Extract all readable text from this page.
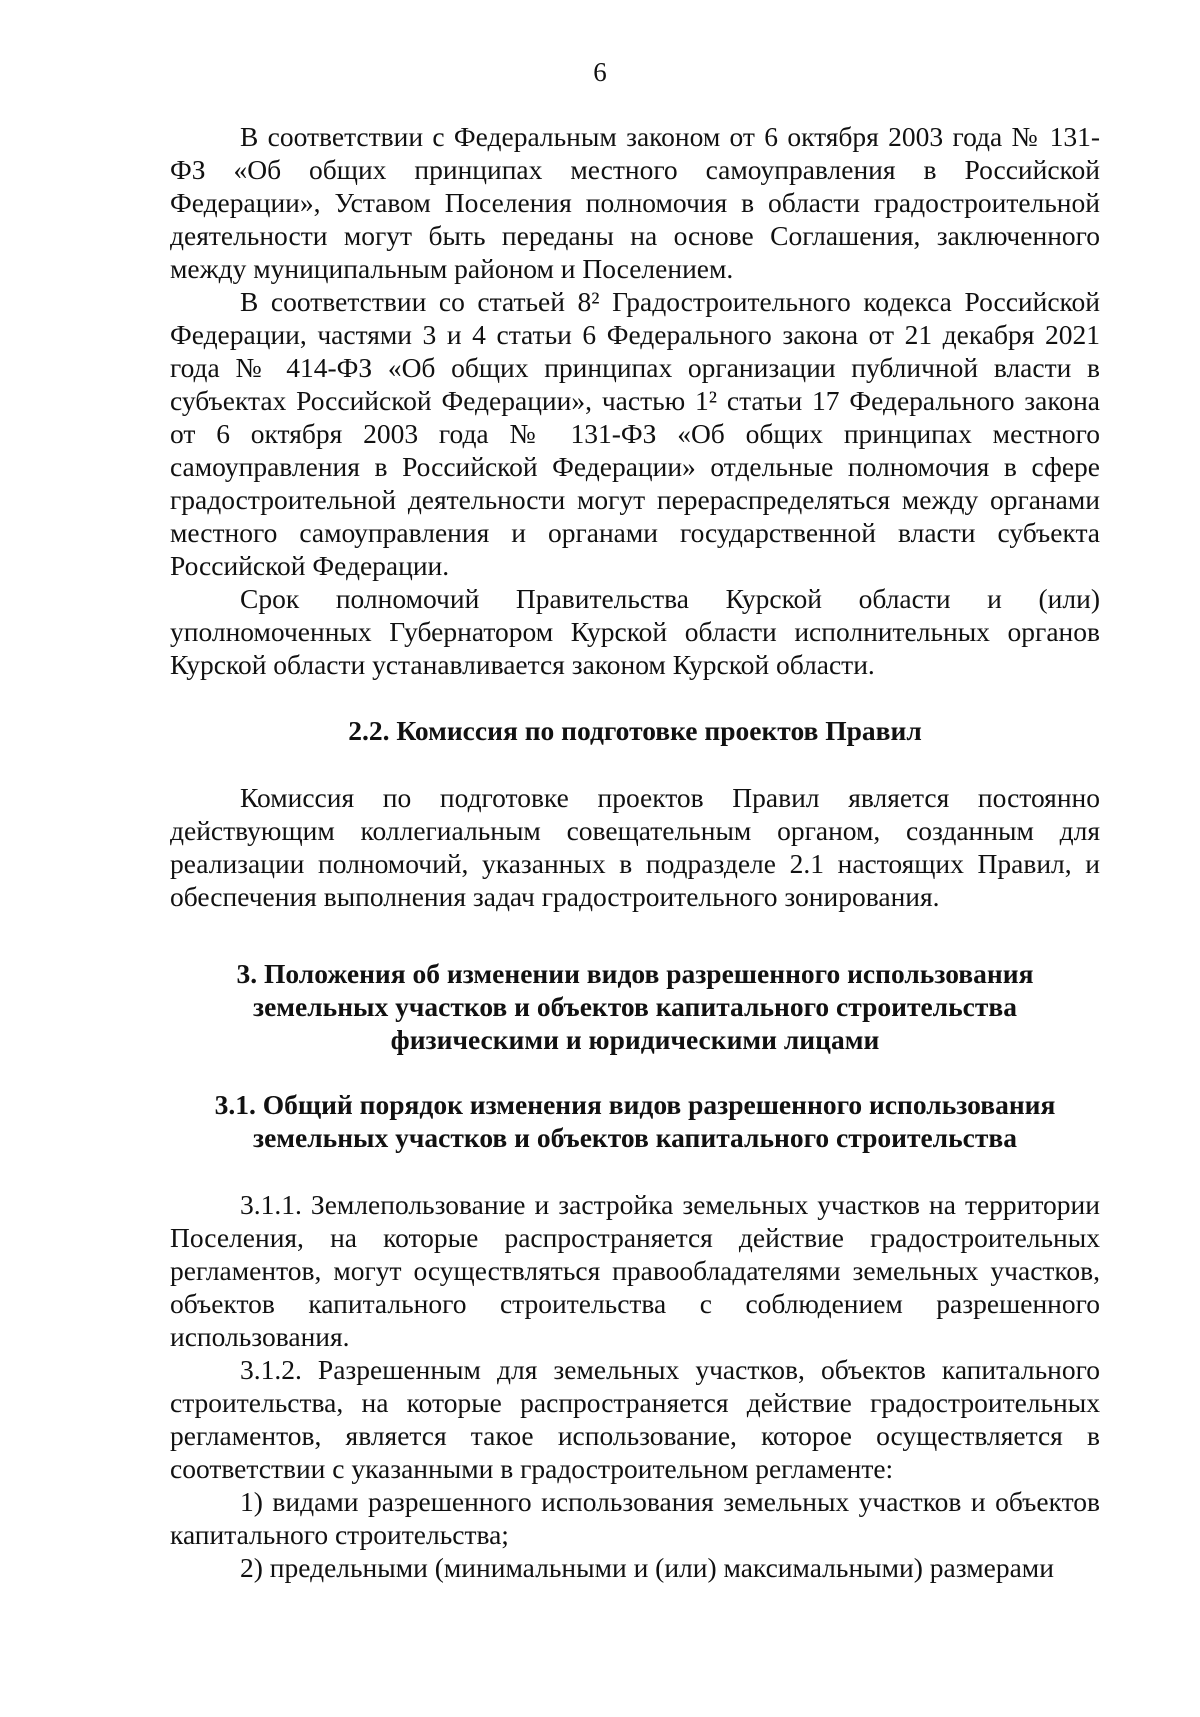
6

В соответствии с Федеральным законом от 6 октября 2003 года № 131-ФЗ «Об общих принципах местного самоуправления в Российской Федерации», Уставом Поселения полномочия в области градостроительной деятельности могут быть переданы на основе Соглашения, заключенного между муниципальным районом и Поселением.

В соответствии со статьей 8² Градостроительного кодекса Российской Федерации, частями 3 и 4 статьи 6 Федерального закона от 21 декабря 2021 года № 414-ФЗ «Об общих принципах организации публичной власти в субъектах Российской Федерации», частью 1² статьи 17 Федерального закона от 6 октября 2003 года № 131-ФЗ «Об общих принципах местного самоуправления в Российской Федерации» отдельные полномочия в сфере градостроительной деятельности могут перераспределяться между органами местного самоуправления и органами государственной власти субъекта Российской Федерации.

Срок полномочий Правительства Курской области и (или) уполномоченных Губернатором Курской области исполнительных органов Курской области устанавливается законом Курской области.

2.2. Комиссия по подготовке проектов Правил

Комиссия по подготовке проектов Правил является постоянно действующим коллегиальным совещательным органом, созданным для реализации полномочий, указанных в подразделе 2.1 настоящих Правил, и обеспечения выполнения задач градостроительного зонирования.

3. Положения об изменении видов разрешенного использования
земельных участков и объектов капитального строительства
физическими и юридическими лицами
3.1. Общий порядок изменения видов разрешенного использования
земельных участков и объектов капитального строительства

3.1.1. Землепользование и застройка земельных участков на территории Поселения, на которые распространяется действие градостроительных регламентов, могут осуществляться правообладателями земельных участков, объектов капитального строительства с соблюдением разрешенного использования.

3.1.2. Разрешенным для земельных участков, объектов капитального строительства, на которые распространяется действие градостроительных регламентов, является такое использование, которое осуществляется в соответствии с указанными в градостроительном регламенте:

1) видами разрешенного использования земельных участков и объектов капитального строительства;

2) предельными (минимальными и (или) максимальными) размерами
